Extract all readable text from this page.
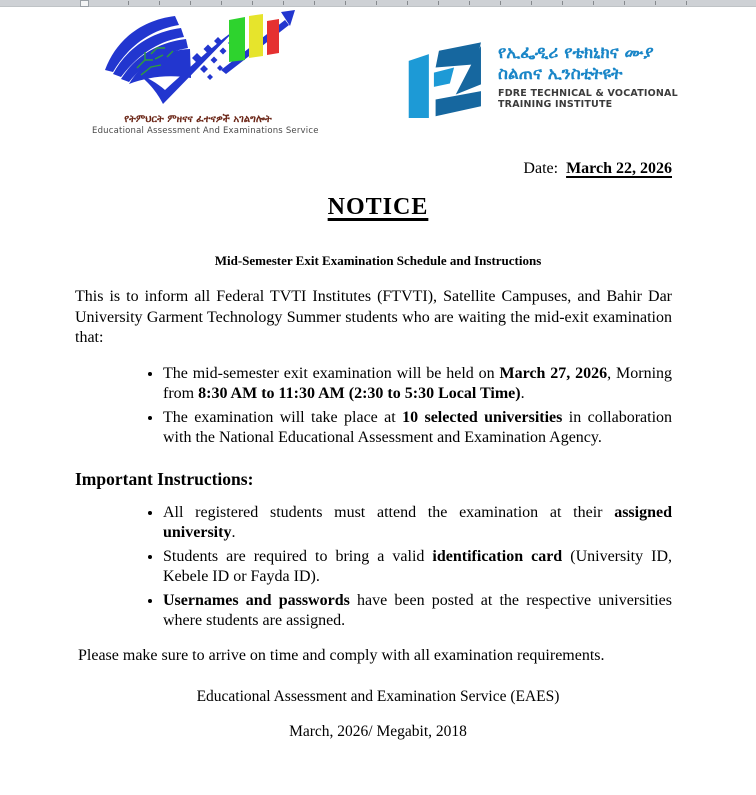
የትምህርት ምዘናና ፈተናዎች አገልግሎት
Educational Assessment And Examinations Service
የኢፌዲሪ የቴክኒክና ሙያ
ስልጠና ኢንስቲትዩት
FDRE TECHNICAL & VOCATIONAL
TRAINING INSTITUTE
Date: March 22, 2026
NOTICE
Mid-Semester Exit Examination Schedule and Instructions
This is to inform all Federal TVTI Institutes (FTVTI), Satellite Campuses, and Bahir Dar University Garment Technology Summer students who are waiting the mid-exit examination that:
• The mid-semester exit examination will be held on March 27, 2026, Morning from 8:30 AM to 11:30 AM (2:30 to 5:30 Local Time).
• The examination will take place at 10 selected universities in collaboration with the National Educational Assessment and Examination Agency.
Important Instructions:
• All registered students must attend the examination at their assigned university.
• Students are required to bring a valid identification card (University ID, Kebele ID or Fayda ID).
• Usernames and passwords have been posted at the respective universities where students are assigned.
Please make sure to arrive on time and comply with all examination requirements.
Educational Assessment and Examination Service (EAES)
March, 2026/ Megabit, 2018
